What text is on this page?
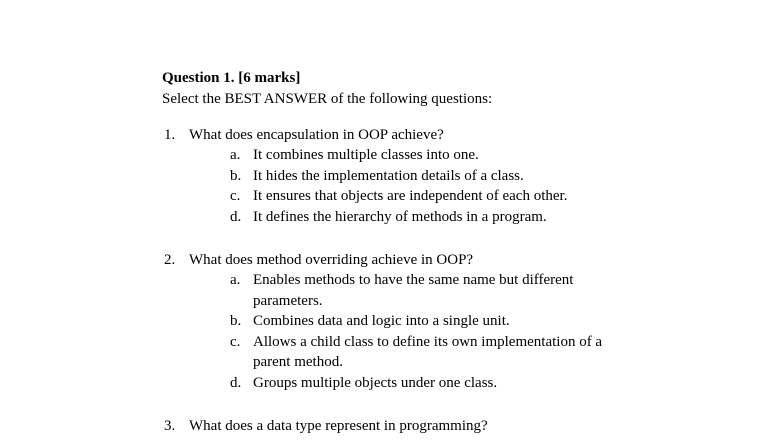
Question 1. [6 marks]
Select the BEST ANSWER of the following questions:
1. What does encapsulation in OOP achieve?
a. It combines multiple classes into one.
b. It hides the implementation details of a class.
c. It ensures that objects are independent of each other.
d. It defines the hierarchy of methods in a program.
2. What does method overriding achieve in OOP?
a. Enables methods to have the same name but different parameters.
b. Combines data and logic into a single unit.
c. Allows a child class to define its own implementation of a parent method.
d. Groups multiple objects under one class.
3. What does a data type represent in programming?
